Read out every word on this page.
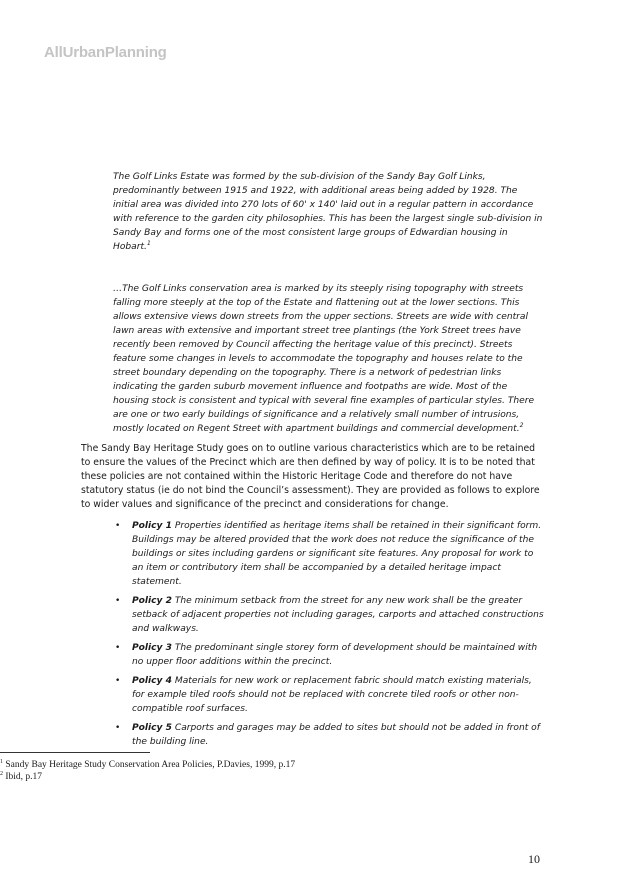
AllUrbanPlanning

The Golf Links Estate was formed by the sub-division of the Sandy Bay Golf Links, predominantly between 1915 and 1922, with additional areas being added by 1928. The initial area was divided into 270 lots of 60' x 140' laid out in a regular pattern in accordance with reference to the garden city philosophies. This has been the largest single sub-division in Sandy Bay and forms one of the most consistent large groups of Edwardian housing in Hobart.$^1$

…The Golf Links conservation area is marked by its steeply rising topography with streets falling more steeply at the top of the Estate and flattening out at the lower sections. This allows extensive views down streets from the upper sections. Streets are wide with central lawn areas with extensive and important street tree plantings (the York Street trees have recently been removed by Council affecting the heritage value of this precinct). Streets feature some changes in levels to accommodate the topography and houses relate to the street boundary depending on the topography. There is a network of pedestrian links indicating the garden suburb movement influence and footpaths are wide. Most of the housing stock is consistent and typical with several fine examples of particular styles. There are one or two early buildings of significance and a relatively small number of intrusions, mostly located on Regent Street with apartment buildings and commercial development.$^2$

The Sandy Bay Heritage Study goes on to outline various characteristics which are to be retained to ensure the values of the Precinct which are then defined by way of policy. It is to be noted that these policies are not contained within the Historic Heritage Code and therefore do not have statutory status (ie do not bind the Council’s assessment). They are provided as follows to explore to wider values and significance of the precinct and considerations for change.

• Policy 1 Properties identified as heritage items shall be retained in their significant form. Buildings may be altered provided that the work does not reduce the significance of the buildings or sites including gardens or significant site features. Any proposal for work to an item or contributory item shall be accompanied by a detailed heritage impact statement.
• Policy 2 The minimum setback from the street for any new work shall be the greater setback of adjacent properties not including garages, carports and attached constructions and walkways.
• Policy 3 The predominant single storey form of development should be maintained with no upper floor additions within the precinct.
• Policy 4 Materials for new work or replacement fabric should match existing materials, for example tiled roofs should not be replaced with concrete tiled roofs or other non-compatible roof surfaces.
• Policy 5 Carports and garages may be added to sites but should not be added in front of the building line.
$^1$ Sandy Bay Heritage Study Conservation Area Policies, P.Davies, 1999, p.17
$^2$ Ibid, p.17
10
